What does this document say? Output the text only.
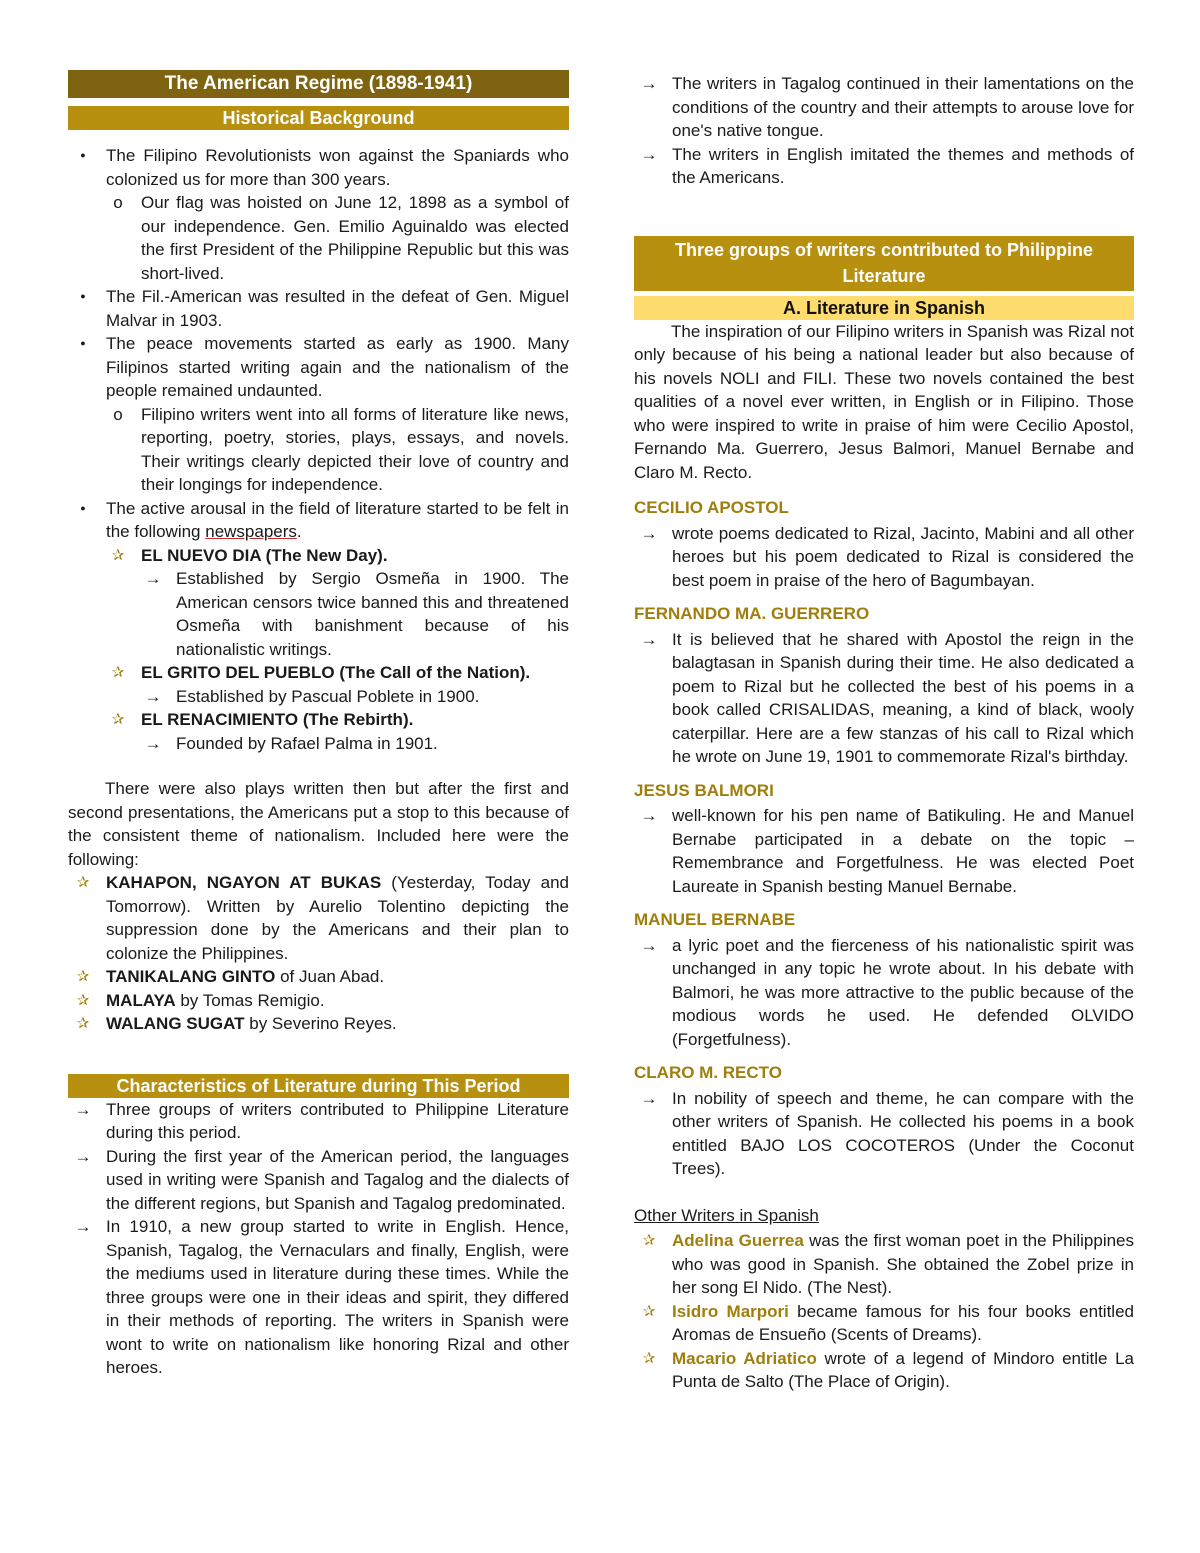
The American Regime (1898-1941)
Historical Background
●	The Filipino Revolutionists won against the Spaniards who colonized us for more than 300 years.
o	Our flag was hoisted on June 12, 1898 as a symbol of our independence. Gen. Emilio Aguinaldo was elected the first President of the Philippine Republic but this was short-lived.
●	The Fil.-American was resulted in the defeat of Gen. Miguel Malvar in 1903.
●	The peace movements started as early as 1900. Many Filipinos started writing again and the nationalism of the people remained undaunted.
o	Filipino writers went into all forms of literature like news, reporting, poetry, stories, plays, essays, and novels. Their writings clearly depicted their love of country and their longings for independence.
●	The active arousal in the field of literature started to be felt in the following newspapers.
✰ EL NUEVO DIA (The New Day).
→ Established by Sergio Osmeña in 1900. The American censors twice banned this and threatened Osmeña with banishment because of his nationalistic writings.
✰ EL GRITO DEL PUEBLO (The Call of the Nation).
→ Established by Pascual Poblete in 1900.
✰ EL RENACIMIENTO (The Rebirth).
→ Founded by Rafael Palma in 1901.

There were also plays written then but after the first and second presentations, the Americans put a stop to this because of the consistent theme of nationalism. Included here were the following:

✰ KAHAPON, NGAYON AT BUKAS (Yesterday, Today and Tomorrow). Written by Aurelio Tolentino depicting the suppression done by the Americans and their plan to colonize the Philippines.
✰ TANIKALANG GINTO of Juan Abad.
✰ MALAYA by Tomas Remigio.
✰ WALANG SUGAT by Severino Reyes.
Characteristics of Literature during This Period
→ Three groups of writers contributed to Philippine Literature during this period.
→ During the first year of the American period, the languages used in writing were Spanish and Tagalog and the dialects of the different regions, but Spanish and Tagalog predominated.
→ In 1910, a new group started to write in English. Hence, Spanish, Tagalog, the Vernaculars and finally, English, were the mediums used in literature during these times. While the three groups were one in their ideas and spirit, they differed in their methods of reporting. The writers in Spanish were wont to write on nationalism like honoring Rizal and other heroes.
→ The writers in Tagalog continued in their lamentations on the conditions of the country and their attempts to arouse love for one's native tongue.
→ The writers in English imitated the themes and methods of the Americans.
Three groups of writers contributed to Philippine Literature
A. Literature in Spanish

The inspiration of our Filipino writers in Spanish was Rizal not only because of his being a national leader but also because of his novels NOLI and FILI. These two novels contained the best qualities of a novel ever written, in English or in Filipino. Those who were inspired to write in praise of him were Cecilio Apostol, Fernando Ma. Guerrero, Jesus Balmori, Manuel Bernabe and Claro M. Recto.

CECILIO APOSTOL
→ wrote poems dedicated to Rizal, Jacinto, Mabini and all other heroes but his poem dedicated to Rizal is considered the best poem in praise of the hero of Bagumbayan.
FERNANDO MA. GUERRERO
→ It is believed that he shared with Apostol the reign in the balagtasan in Spanish during their time. He also dedicated a poem to Rizal but he collected the best of his poems in a book called CRISALIDAS, meaning, a kind of black, wooly caterpillar. Here are a few stanzas of his call to Rizal which he wrote on June 19, 1901 to commemorate Rizal's birthday.
JESUS BALMORI
→ well-known for his pen name of Batikuling. He and Manuel Bernabe participated in a debate on the topic – Remembrance and Forgetfulness. He was elected Poet Laureate in Spanish besting Manuel Bernabe.
MANUEL BERNABE
→ a lyric poet and the fierceness of his nationalistic spirit was unchanged in any topic he wrote about. In his debate with Balmori, he was more attractive to the public because of the modious words he used. He defended OLVIDO (Forgetfulness).
CLARO M. RECTO
→ In nobility of speech and theme, he can compare with the other writers of Spanish. He collected his poems in a book entitled BAJO LOS COCOTEROS (Under the Coconut Trees).
Other Writers in Spanish
✰ Adelina Guerrea was the first woman poet in the Philippines who was good in Spanish. She obtained the Zobel prize in her song El Nido. (The Nest).
✰ Isidro Marpori became famous for his four books entitled Aromas de Ensueño (Scents of Dreams).
✰ Macario Adriatico wrote of a legend of Mindoro entitle La Punta de Salto (The Place of Origin).
